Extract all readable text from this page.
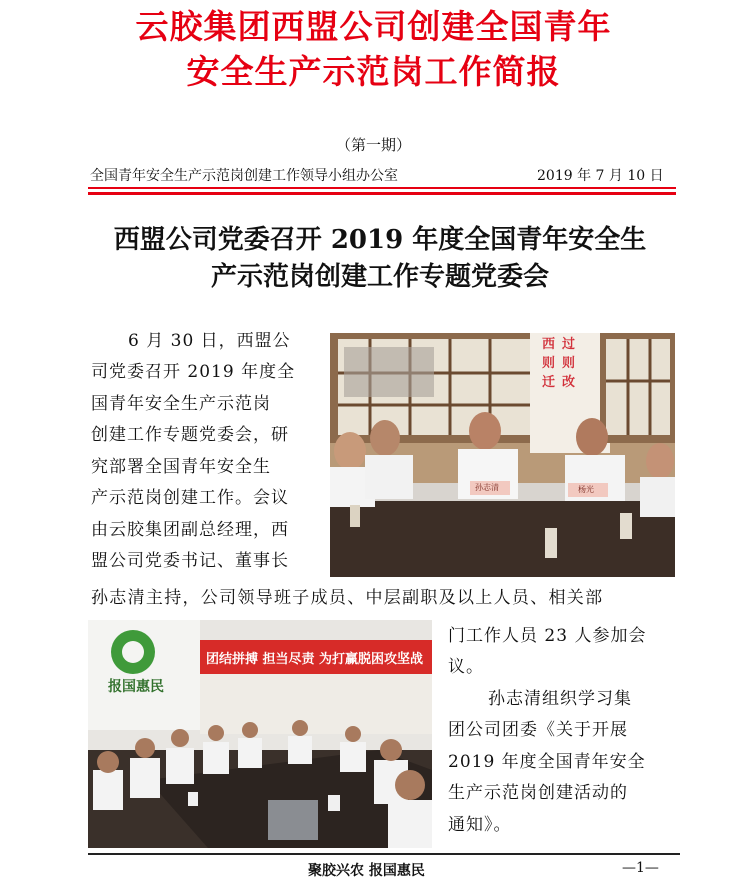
云胶集团西盟公司创建全国青年
安全生产示范岗工作简报
（第一期）
全国青年安全生产示范岗创建工作领导小组办公室	2019 年 7 月 10 日
西盟公司党委召开 2019 年度全国青年安全生
产示范岗创建工作专题党委会
6 月 30 日，西盟公
司党委召开 2019 年度全
国青年安全生产示范岗
创建工作专题党委会，研
究部署全国青年安全生
产示范岗创建工作。会议
由云胶集团副总经理，西
盟公司党委书记、董事长
孙志清主持，公司领导班子成员、中层副职及以上人员、相关部
门工作人员 23 人参加会
议。
孙志清组织学习集
团公司团委《关于开展
2019 年度全国青年安全
生产示范岗创建活动的
通知》。
西
则
迁
过
则
改
孙志清	杨光
报国惠民
团结拼搏 担当尽责 为打赢脱困攻坚战
聚胶兴农 报国惠民	—1—
